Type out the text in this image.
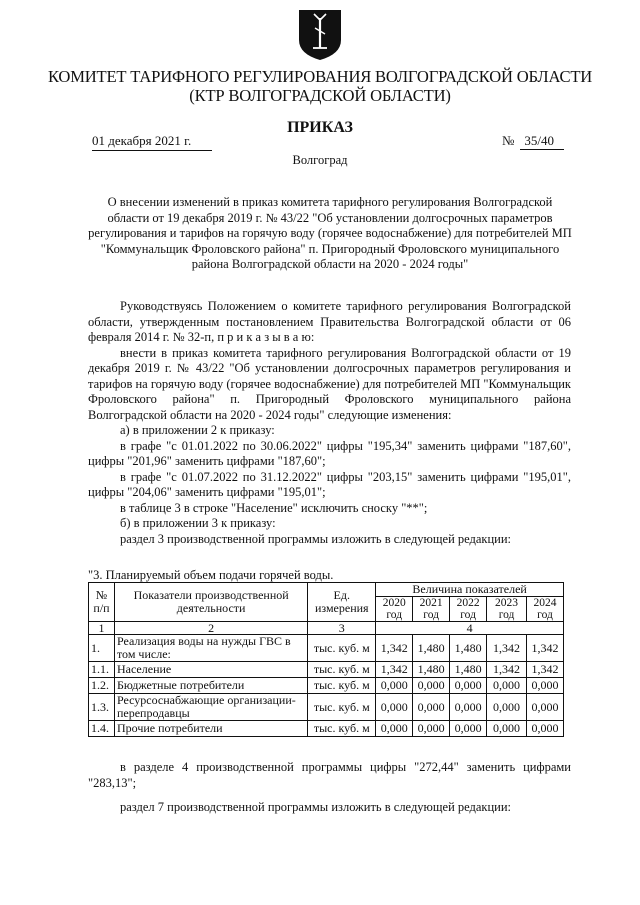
КОМИТЕТ ТАРИФНОГО РЕГУЛИРОВАНИЯ ВОЛГОГРАДСКОЙ ОБЛАСТИ
(КТР ВОЛГОГРАДСКОЙ ОБЛАСТИ)
ПРИКАЗ
01 декабря 2021 г.	№ 35/40
Волгоград
О внесении изменений в приказ комитета тарифного регулирования Волгоградской области от 19 декабря 2019 г. № 43/22 "Об установлении долгосрочных параметров регулирования и тарифов на горячую воду (горячее водоснабжение) для потребителей МП "Коммунальщик Фроловского района" п. Пригородный Фроловского муниципального района Волгоградской области на 2020 - 2024 годы"

Руководствуясь Положением о комитете тарифного регулирования Волгоградской области, утвержденным постановлением Правительства Волгоградской области от 06 февраля 2014 г. № 32-п, п р и к а з ы в а ю:

внести в приказ комитета тарифного регулирования Волгоградской области от 19 декабря 2019 г. № 43/22 "Об установлении долгосрочных параметров регулирования и тарифов на горячую воду (горячее водоснабжение) для потребителей МП "Коммунальщик Фроловского района" п. Пригородный Фроловского муниципального района Волгоградской области на 2020 - 2024 годы" следующие изменения:

а) в приложении 2 к приказу:

в графе "с 01.01.2022 по 30.06.2022" цифры "195,34" заменить цифрами "187,60", цифры "201,96" заменить цифрами "187,60";

в графе "с 01.07.2022 по 31.12.2022" цифры "203,15" заменить цифрами "195,01", цифры "204,06" заменить цифрами "195,01";

в таблице 3 в строке "Население" исключить сноску "**";

б) в приложении 3 к приказу:

раздел 3 производственной программы изложить в следующей редакции:

"3. Планируемый объем подачи горячей воды.
№ п/п	Показатели производственной деятельности	Ед. измерения	Величина показателей				
			2020 год	2021 год	2022 год	2023 год	2024 год
1	2	3	4				
1.	Реализация воды на нужды ГВС в том числе:	тыс. куб. м	1,342	1,480	1,480	1,342	1,342
1.1.	Население	тыс. куб. м	1,342	1,480	1,480	1,342	1,342
1.2.	Бюджетные потребители	тыс. куб. м	0,000	0,000	0,000	0,000	0,000
1.3.	Ресурсоснабжающие организации-перепродавцы	тыс. куб. м	0,000	0,000	0,000	0,000	0,000
1.4.	Прочие потребители	тыс. куб. м	0,000	0,000	0,000	0,000	0,000

в разделе 4 производственной программы цифры "272,44" заменить цифрами "283,13";

раздел 7 производственной программы изложить в следующей редакции:
